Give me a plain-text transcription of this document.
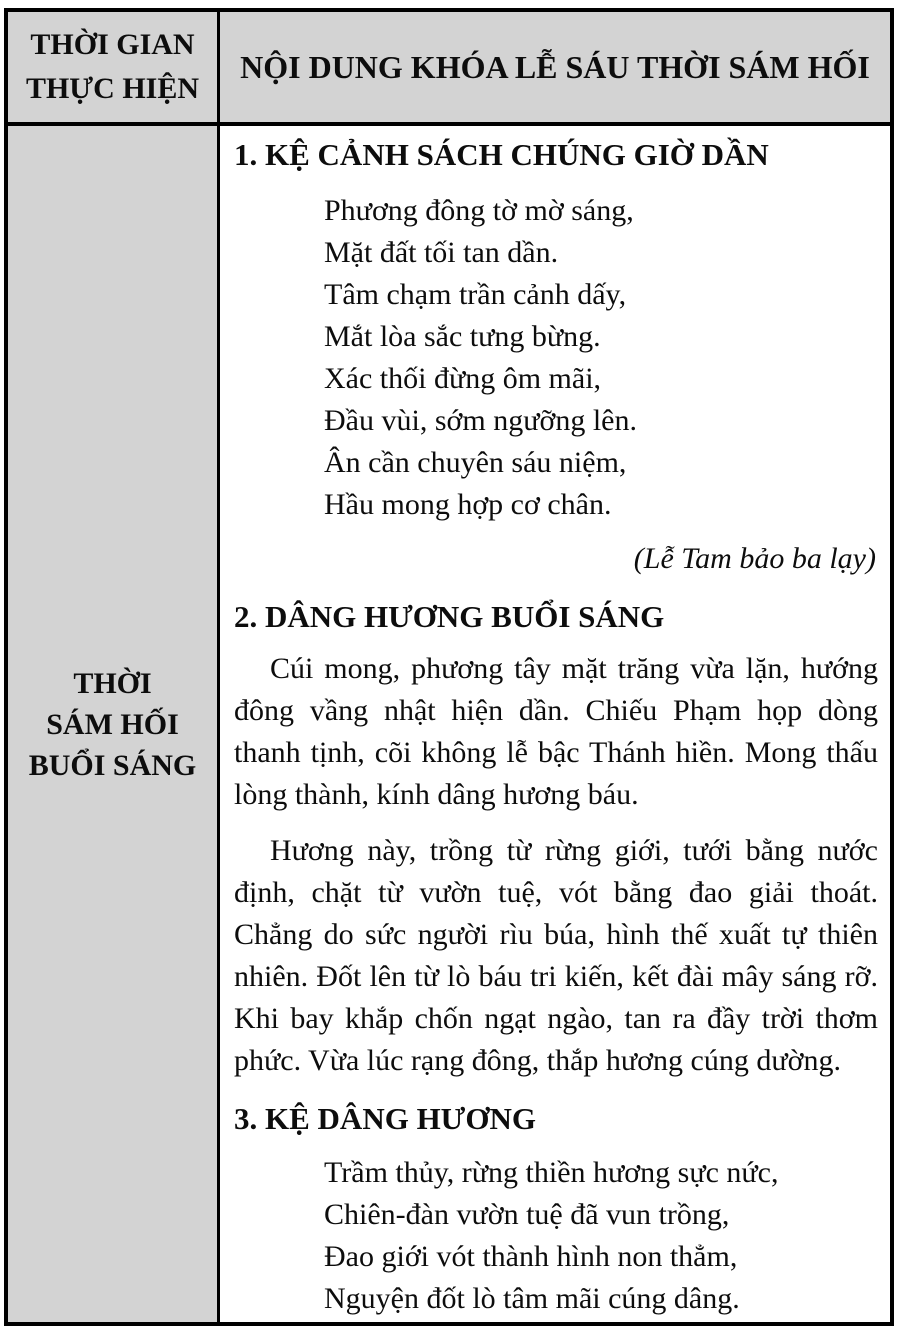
THỜI GIAN
THỰC HIỆN
NỘI DUNG KHÓA LỄ SÁU THỜI SÁM HỐI
THỜI
SÁM HỐI
BUỔI SÁNG
1. KỆ CẢNH SÁCH CHÚNG GIỜ DẦN
Phương đông tờ mờ sáng,
Mặt đất tối tan dần.
Tâm chạm trần cảnh dấy,
Mắt lòa sắc tưng bừng.
Xác thối đừng ôm mãi,
Đầu vùi, sớm ngưỡng lên.
Ân cần chuyên sáu niệm,
Hầu mong hợp cơ chân.
(Lễ Tam bảo ba lạy)
2. DÂNG HƯƠNG BUỔI SÁNG
Cúi mong, phương tây mặt trăng vừa lặn, hướng đông vầng nhật hiện dần. Chiếu Phạm họp dòng thanh tịnh, cõi không lễ bậc Thánh hiền. Mong thấu lòng thành, kính dâng hương báu.
Hương này, trồng từ rừng giới, tưới bằng nước định, chặt từ vườn tuệ, vót bằng đao giải thoát. Chẳng do sức người rìu búa, hình thế xuất tự thiên nhiên. Đốt lên từ lò báu tri kiến, kết đài mây sáng rỡ. Khi bay khắp chốn ngạt ngào, tan ra đầy trời thơm phức. Vừa lúc rạng đông, thắp hương cúng dường.
3. KỆ DÂNG HƯƠNG
Trầm thủy, rừng thiền hương sực nức,
Chiên-đàn vườn tuệ đã vun trồng,
Đao giới vót thành hình non thẳm,
Nguyện đốt lò tâm mãi cúng dâng.
